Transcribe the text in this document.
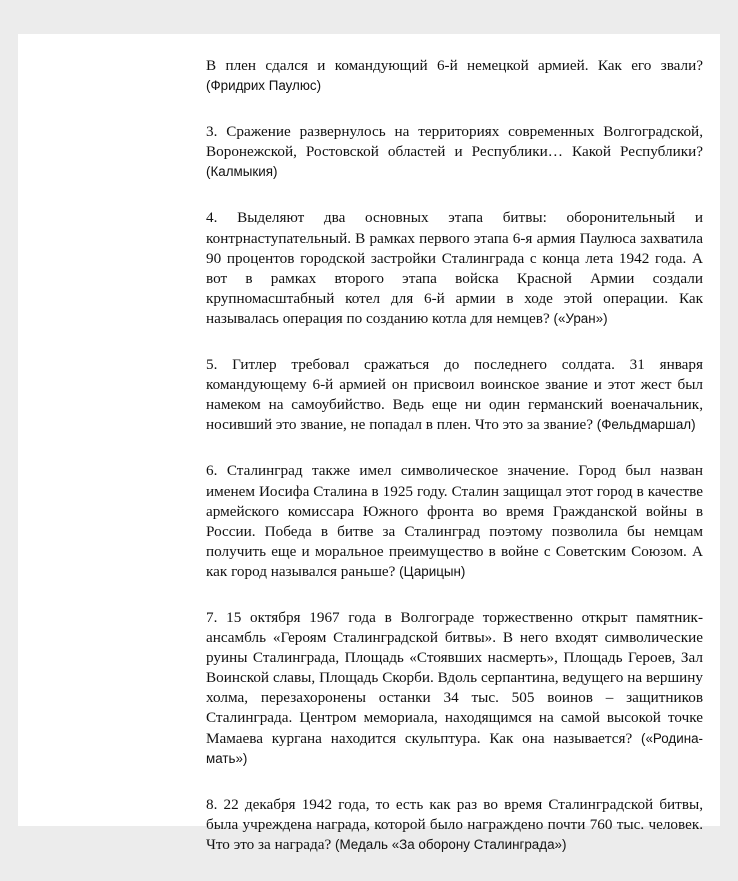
В плен сдался и командующий 6-й немецкой армией. Как его звали? (Фридрих Паулюс)

3. Сражение развернулось на территориях современных Волгоградской, Воронежской, Ростовской областей и Республики… Какой Республики? (Калмыкия)

4. Выделяют два основных этапа битвы: оборонительный и контрнаступательный. В рамках первого этапа 6-я армия Паулюса захватила 90 процентов городской застройки Сталинграда с конца лета 1942 года. А вот в рамках второго этапа войска Красной Армии создали крупномасштабный котел для 6-й армии в ходе этой операции. Как называлась операция по созданию котла для немцев? («Уран»)

5. Гитлер требовал сражаться до последнего солдата. 31 января командующему 6-й армией он присвоил воинское звание и этот жест был намеком на самоубийство. Ведь еще ни один германский военачальник, носивший это звание, не попадал в плен. Что это за звание? (Фельдмаршал)

6. Сталинград также имел символическое значение. Город был назван именем Иосифа Сталина в 1925 году. Сталин защищал этот город в качестве армейского комиссара Южного фронта во время Гражданской войны в России. Победа в битве за Сталинград поэтому позволила бы немцам получить еще и моральное преимущество в войне с Советским Союзом. А как город назывался раньше? (Царицын)

7. 15 октября 1967 года в Волгограде торжественно открыт памятник-ансамбль «Героям Сталинградской битвы». В него входят символические руины Сталинграда, Площадь «Стоявших насмерть», Площадь Героев, Зал Воинской славы, Площадь Скорби. Вдоль серпантина, ведущего на вершину холма, перезахоронены останки 34 тыс. 505 воинов – защитников Сталинграда. Центром мемориала, находящимся на самой высокой точке Мамаева кургана находится скульптура. Как она называется? («Родина-мать»)

8. 22 декабря 1942 года, то есть как раз во время Сталинградской битвы, была учреждена награда, которой было награждено почти 760 тыс. человек. Что это за награда? (Медаль «За оборону Сталинграда»)
